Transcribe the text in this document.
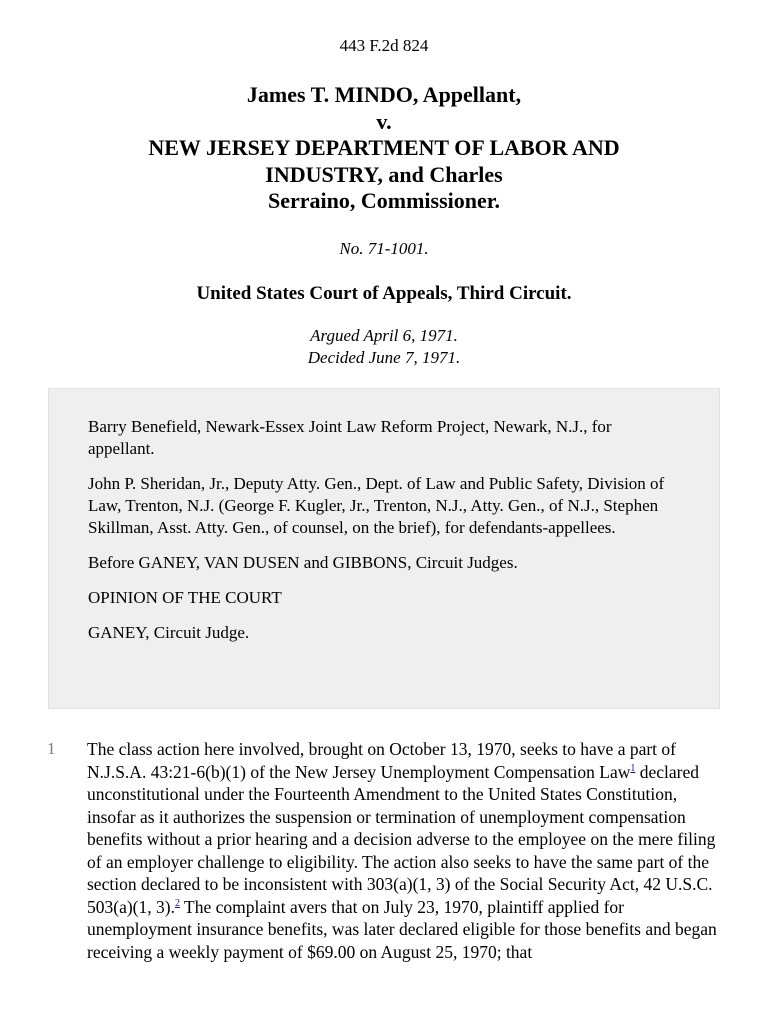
443 F.2d 824
James T. MINDO, Appellant,
v.
NEW JERSEY DEPARTMENT OF LABOR AND
INDUSTRY, and Charles
Serraino, Commissioner.
No. 71-1001.
United States Court of Appeals, Third Circuit.
Argued April 6, 1971.
Decided June 7, 1971.

Barry Benefield, Newark-Essex Joint Law Reform Project, Newark, N.J., for appellant.

John P. Sheridan, Jr., Deputy Atty. Gen., Dept. of Law and Public Safety, Division of Law, Trenton, N.J. (George F. Kugler, Jr., Trenton, N.J., Atty. Gen., of N.J., Stephen Skillman, Asst. Atty. Gen., of counsel, on the brief), for defendants-appellees.

Before GANEY, VAN DUSEN and GIBBONS, Circuit Judges.

OPINION OF THE COURT

GANEY, Circuit Judge.

1 The class action here involved, brought on October 13, 1970, seeks to have a part of N.J.S.A. 43:21-6(b)(1) of the New Jersey Unemployment Compensation Law$^1$ declared unconstitutional under the Fourteenth Amendment to the United States Constitution, insofar as it authorizes the suspension or termination of unemployment compensation benefits without a prior hearing and a decision adverse to the employee on the mere filing of an employer challenge to eligibility. The action also seeks to have the same part of the section declared to be inconsistent with 303(a)(1, 3) of the Social Security Act, 42 U.S.C. 503(a)(1, 3).$^2$ The complaint avers that on July 23, 1970, plaintiff applied for unemployment insurance benefits, was later declared eligible for those benefits and began receiving a weekly payment of $69.00 on August 25, 1970; that
